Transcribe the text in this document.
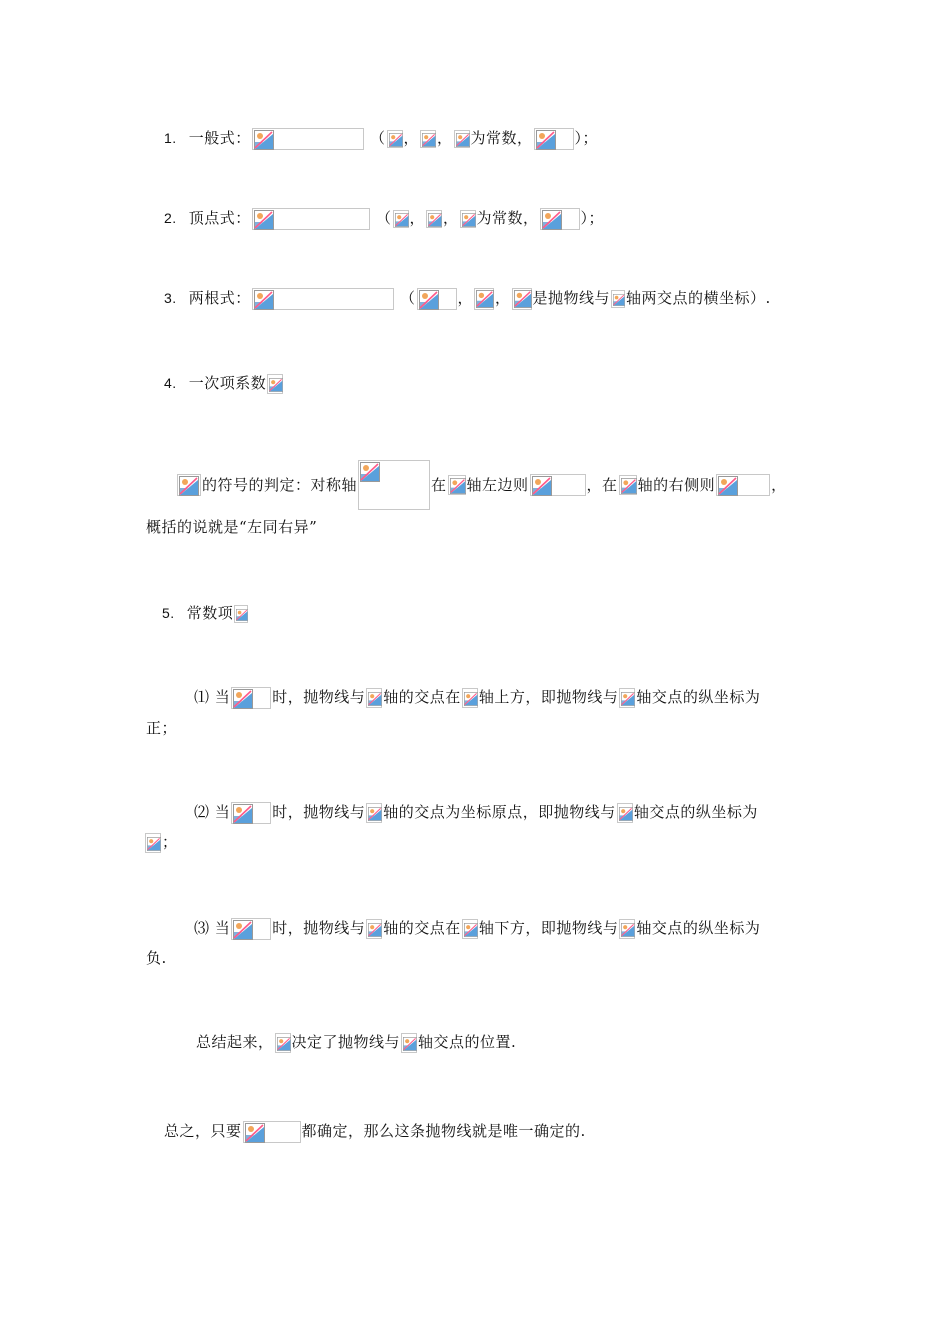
1. 一般式：	（ ， ， 为常数，	）；
2. 顶点式：	（ ， ， 为常数，	）；
3. 两根式：	（	， ， 是抛物线与 轴两交点的横坐标）.
4. 一次项系数
的符号的判定：对称轴	在 轴左边则	，在 轴的右侧则	，
概括的说就是“左同右异”
5. 常数项
⑴ 当	时，抛物线与 轴的交点在 轴上方，即抛物线与 轴交点的纵坐标为
正；
⑵ 当	时，抛物线与 轴的交点为坐标原点，即抛物线与 轴交点的纵坐标为
；
⑶ 当	时，抛物线与 轴的交点在 轴下方，即抛物线与 轴交点的纵坐标为
负.
总结起来， 决定了抛物线与 轴交点的位置.
总之，只要	都确定，那么这条抛物线就是唯一确定的.
